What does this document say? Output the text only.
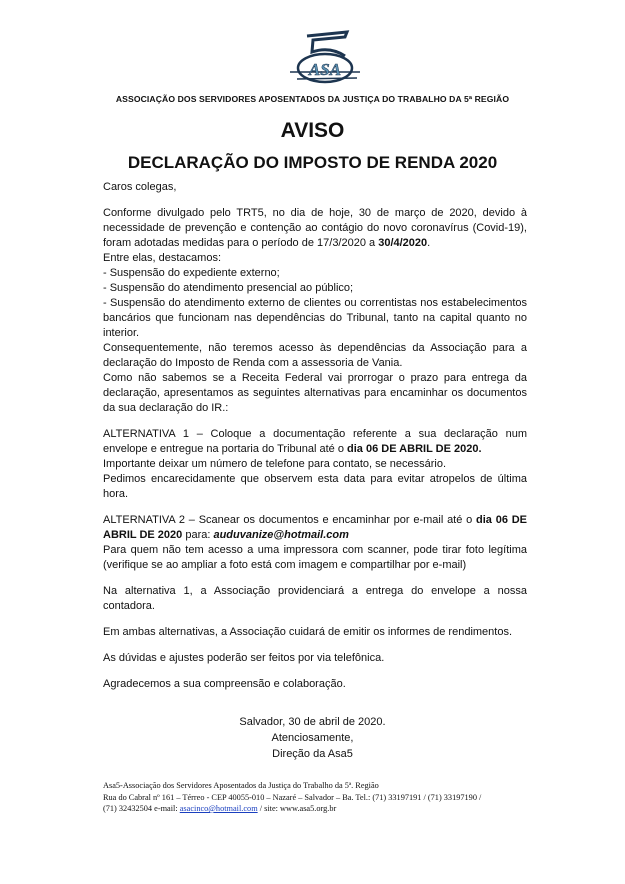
ASA
ASSOCIAÇÃO DOS SERVIDORES APOSENTADOS DA JUSTIÇA DO TRABALHO DA 5ª REGIÃO
AVISO
DECLARAÇÃO DO IMPOSTO DE RENDA 2020

Caros colegas,

Conforme divulgado pelo TRT5, no dia de hoje, 30 de março de 2020, devido à necessidade de prevenção e contenção ao contágio do novo coronavírus (Covid-19), foram adotadas medidas para o período de 17/3/2020 a 30/4/2020.

Entre elas, destacamos:

- Suspensão do expediente externo;

- Suspensão do atendimento presencial ao público;

- Suspensão do atendimento externo de clientes ou correntistas nos estabelecimentos bancários que funcionam nas dependências do Tribunal, tanto na capital quanto no interior.

Consequentemente, não teremos acesso às dependências da Associação para a declaração do Imposto de Renda com a assessoria de Vania.

Como não sabemos se a Receita Federal vai prorrogar o prazo para entrega da declaração, apresentamos as seguintes alternativas para encaminhar os documentos da sua declaração do IR.:

ALTERNATIVA 1 – Coloque a documentação referente a sua declaração num envelope e entregue na portaria do Tribunal até o dia 06 DE ABRIL DE 2020.

Importante deixar um número de telefone para contato, se necessário.

Pedimos encarecidamente que observem esta data para evitar atropelos de última hora.

ALTERNATIVA 2 – Scanear os documentos e encaminhar por e-mail até o dia 06 DE ABRIL DE 2020 para: auduvanize@hotmail.com

Para quem não tem acesso a uma impressora com scanner, pode tirar foto legítima (verifique se ao ampliar a foto está com imagem e compartilhar por e-mail)

Na alternativa 1, a Associação providenciará a entrega do envelope a nossa contadora.

Em ambas alternativas, a Associação cuidará de emitir os informes de rendimentos.

As dúvidas e ajustes poderão ser feitos por via telefônica.

Agradecemos a sua compreensão e colaboração.

Salvador, 30 de abril de 2020.
Atenciosamente,
Direção da Asa5
Asa5-Associação dos Servidores Aposentados da Justiça do Trabalho da 5ª. Região
Rua do Cabral nº 161 – Térreo - CEP 40055-010 – Nazaré – Salvador – Ba. Tel.: (71) 33197191 / (71) 33197190 /
(71) 32432504 e-mail: asacinco@hotmail.com / site: www.asa5.org.br
